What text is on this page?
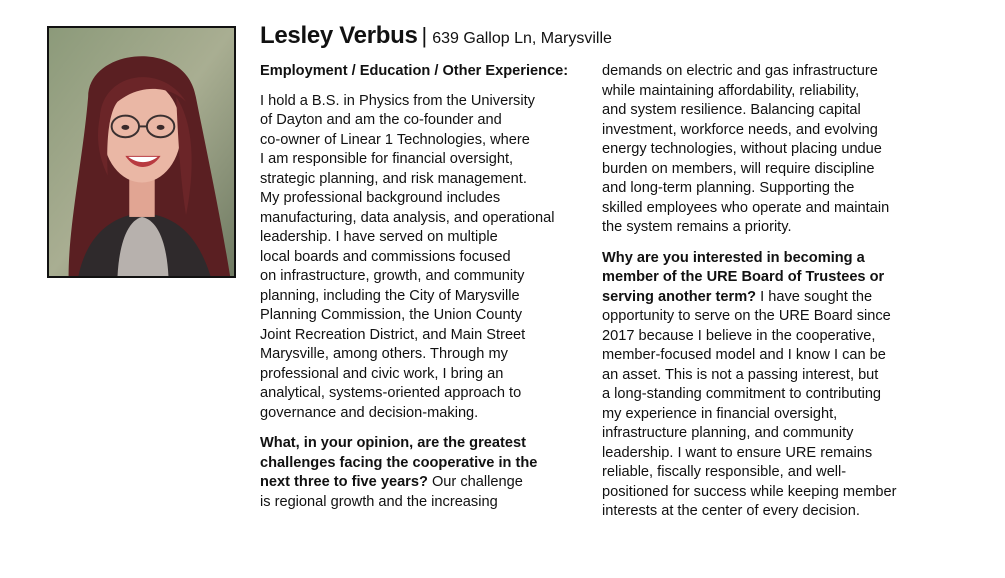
Lesley Verbus | 639 Gallop Ln, Marysville
Employment / Education / Other Experience:
I hold a B.S. in Physics from the University
of Dayton and am the co-founder and
co-owner of Linear 1 Technologies, where
I am responsible for financial oversight,
strategic planning, and risk management.
My professional background includes
manufacturing, data analysis, and operational
leadership. I have served on multiple
local boards and commissions focused
on infrastructure, growth, and community
planning, including the City of Marysville
Planning Commission, the Union County
Joint Recreation District, and Main Street
Marysville, among others. Through my
professional and civic work, I bring an
analytical, systems-oriented approach to
governance and decision-making.
What, in your opinion, are the greatest
challenges facing the cooperative in the
next three to five years? Our challenge
is regional growth and the increasing
demands on electric and gas infrastructure
while maintaining affordability, reliability,
and system resilience. Balancing capital
investment, workforce needs, and evolving
energy technologies, without placing undue
burden on members, will require discipline
and long-term planning. Supporting the
skilled employees who operate and maintain
the system remains a priority.
Why are you interested in becoming a
member of the URE Board of Trustees or
serving another term? I have sought the
opportunity to serve on the URE Board since
2017 because I believe in the cooperative,
member-focused model and I know I can be
an asset. This is not a passing interest, but
a long-standing commitment to contributing
my experience in financial oversight,
infrastructure planning, and community
leadership. I want to ensure URE remains
reliable, fiscally responsible, and well-
positioned for success while keeping member
interests at the center of every decision.
